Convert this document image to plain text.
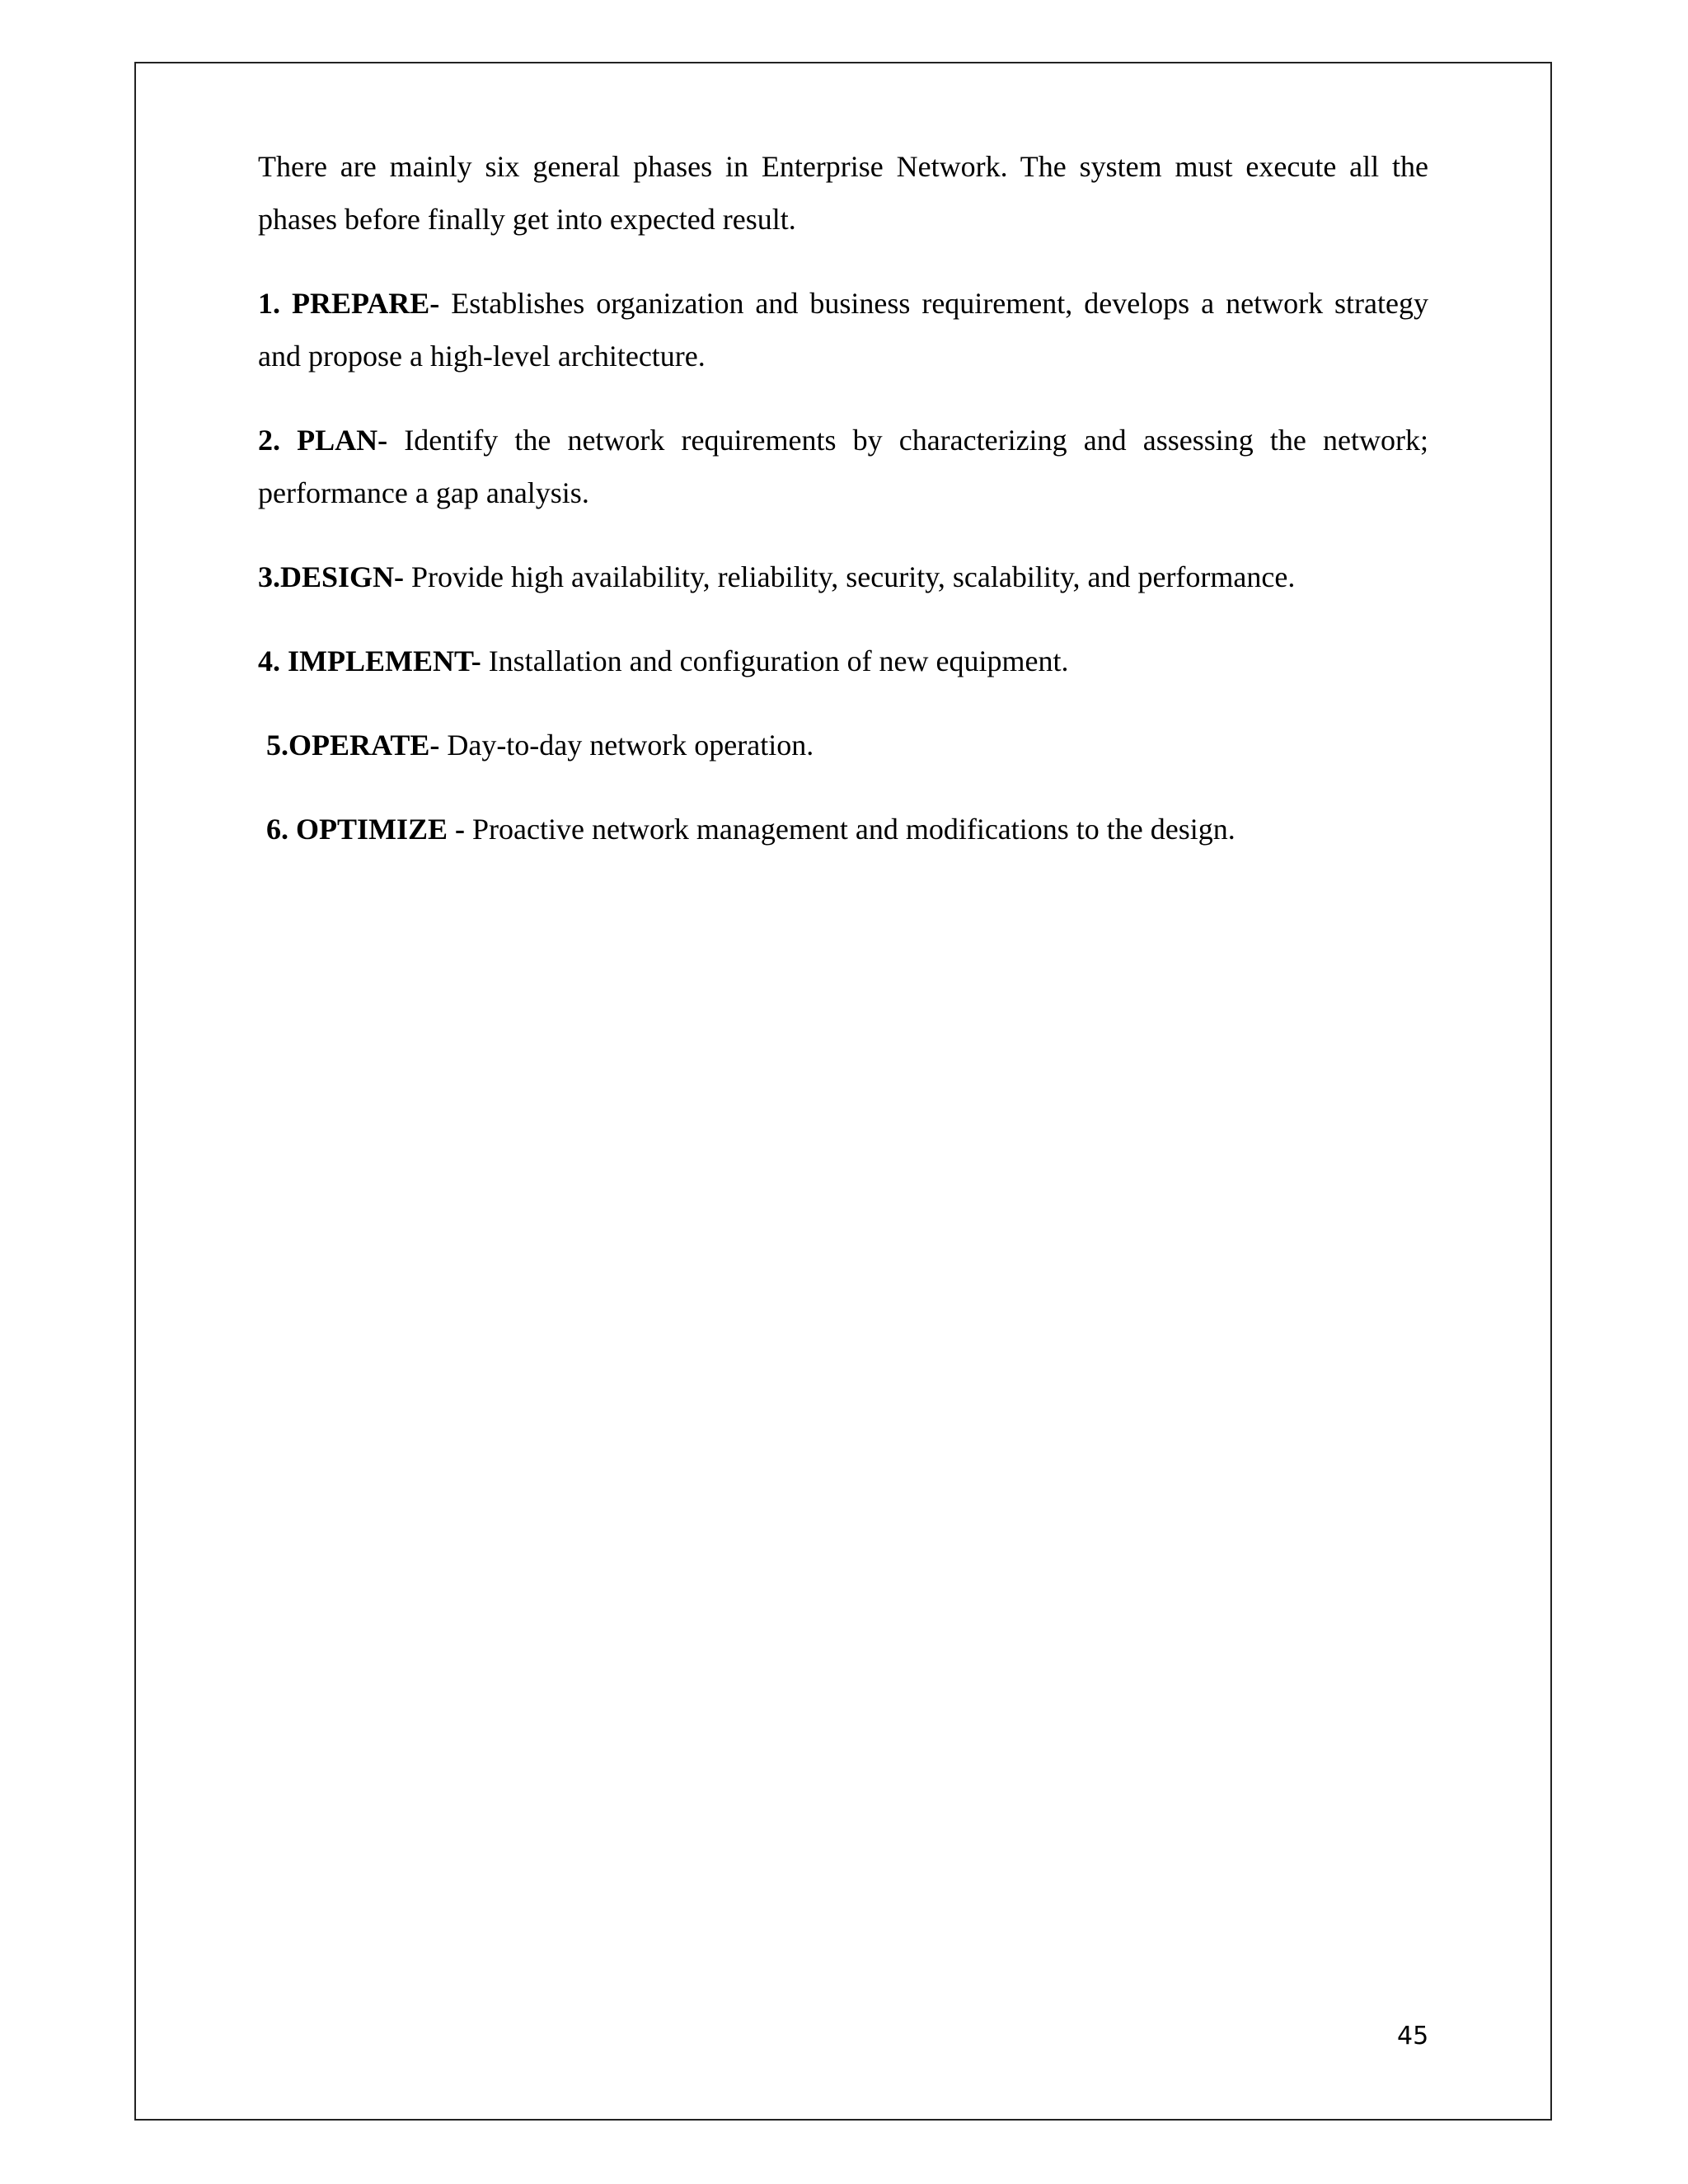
There are mainly six general phases in Enterprise Network. The system must execute all the phases before finally get into expected result.

1. PREPARE- Establishes organization and business requirement, develops a network strategy and propose a high-level architecture.

2. PLAN- Identify the network requirements by characterizing and assessing the network; performance a gap analysis.

3.DESIGN- Provide high availability, reliability, security, scalability, and performance.

4. IMPLEMENT- Installation and configuration of new equipment.

5.OPERATE- Day-to-day network operation.

6. OPTIMIZE - Proactive network management and modifications to the design.

45
